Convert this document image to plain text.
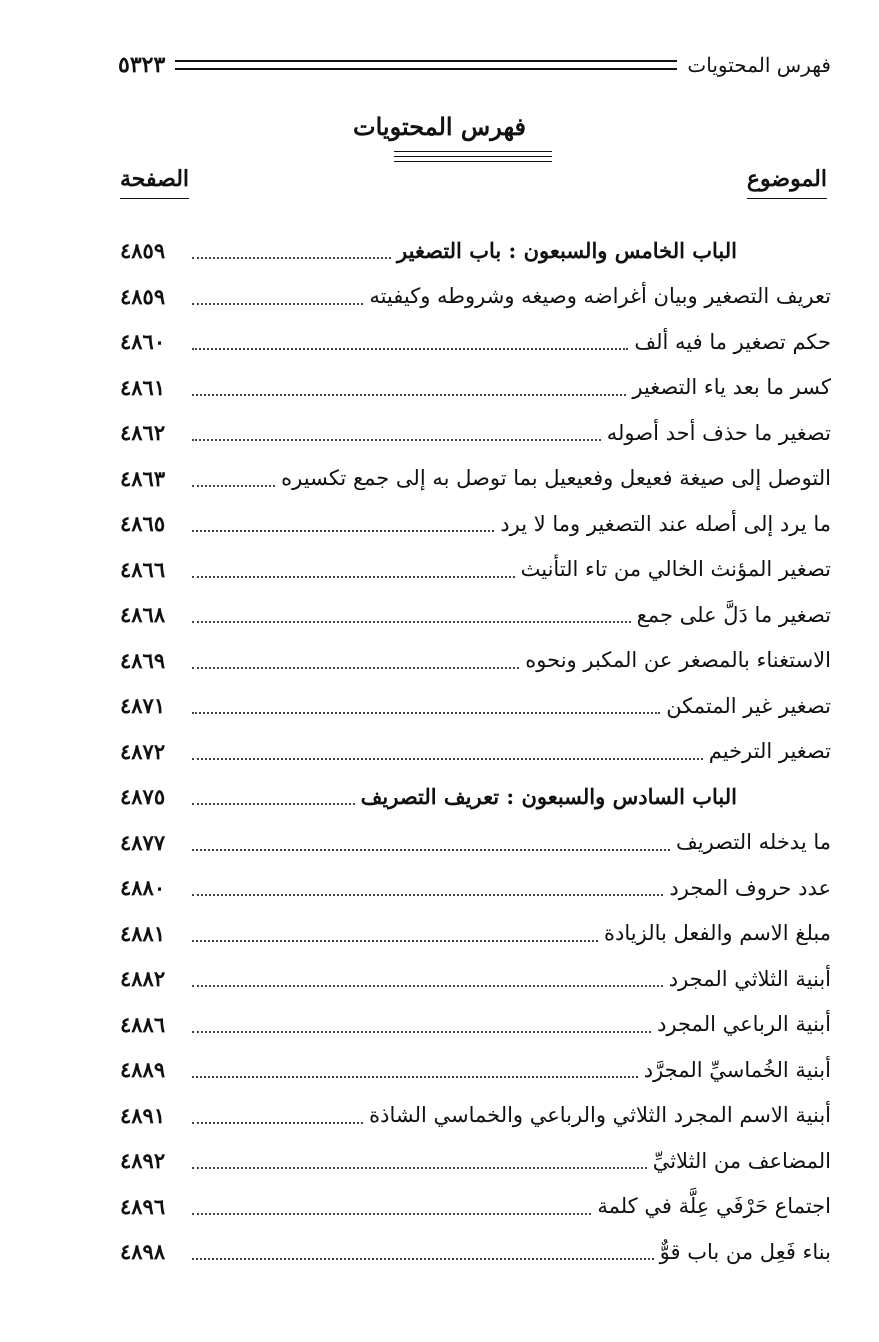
فهرس المحتويات
٥٣٢٣
فهرس المحتويات
الموضوع
الصفحة
الباب الخامس والسبعون : باب التصغير
٤٨٥٩
تعريف التصغير وبيان أغراضه وصيغه وشروطه وكيفيته
٤٨٥٩
حكم تصغير ما فيه ألف
٤٨٦٠
كسر ما بعد ياء التصغير
٤٨٦١
تصغير ما حذف أحد أصوله
٤٨٦٢
التوصل إلى صيغة فعيعل وفعيعيل بما توصل به إلى جمع تكسيره
٤٨٦٣
ما يرد إلى أصله عند التصغير وما لا يرد
٤٨٦٥
تصغير المؤنث الخالي من تاء التأنيث
٤٨٦٦
تصغير ما دَلَّ على جمع
٤٨٦٨
الاستغناء بالمصغر عن المكبر ونحوه
٤٨٦٩
تصغير غير المتمكن
٤٨٧١
تصغير الترخيم
٤٨٧٢
الباب السادس والسبعون : تعريف التصريف
٤٨٧٥
ما يدخله التصريف
٤٨٧٧
عدد حروف المجرد
٤٨٨٠
مبلغ الاسم والفعل بالزيادة
٤٨٨١
أبنية الثلاثي المجرد
٤٨٨٢
أبنية الرباعي المجرد
٤٨٨٦
أبنية الخُماسيِّ المجرَّد
٤٨٨٩
أبنية الاسم المجرد الثلاثي والرباعي والخماسي الشاذة
٤٨٩١
المضاعف من الثلاثيِّ
٤٨٩٢
اجتماع حَرْفَي عِلَّة في كلمة
٤٨٩٦
بناء فَعِل من باب قوٌّ
٤٨٩٨
